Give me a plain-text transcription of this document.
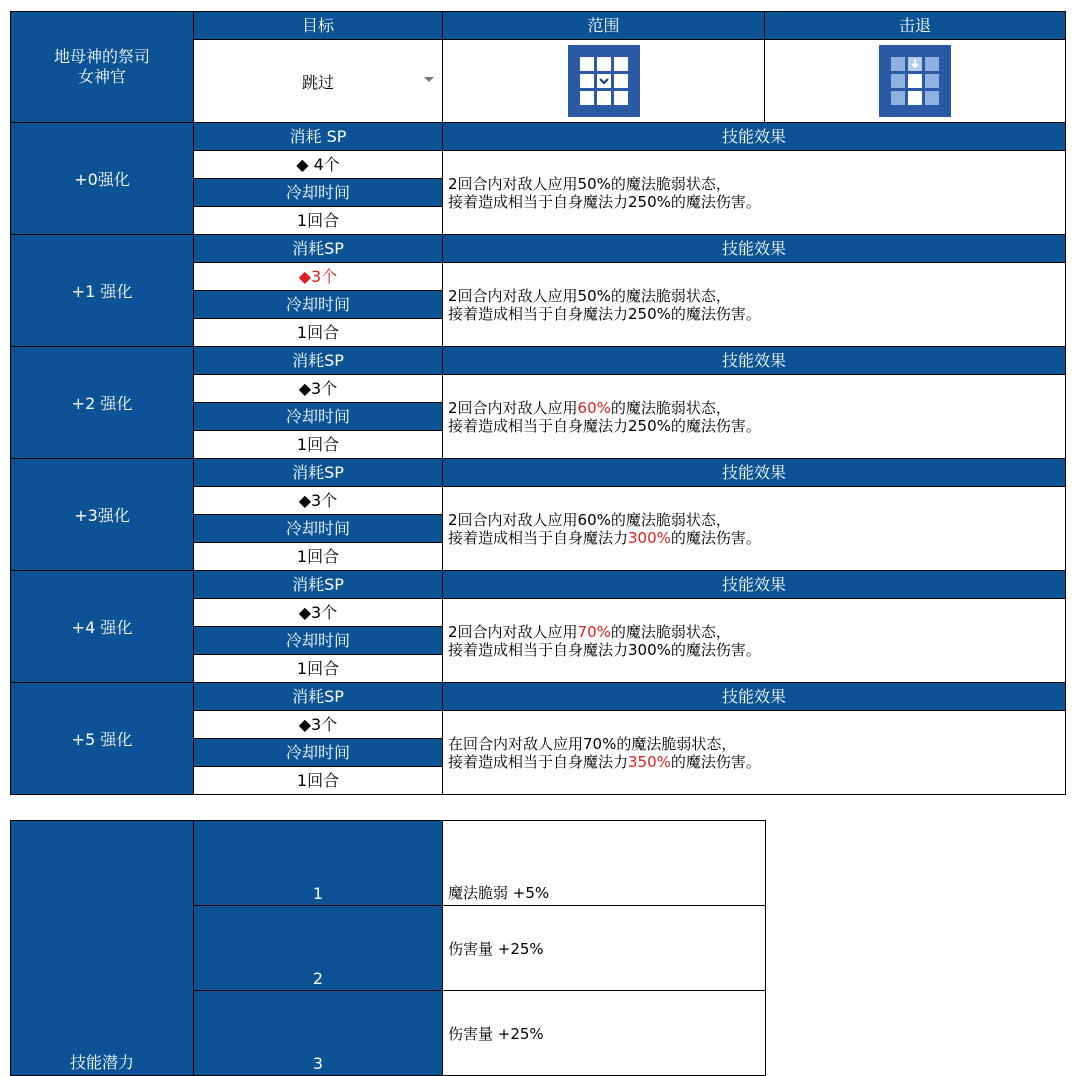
地母神的祭司
女神官	目标	范围	击退

	跳过

+0强化	消耗 SP	技能效果	
	◆ 4个	2回合内对敌人应用50%的魔法脆弱状态，
接着造成相当于自身魔法力250%的魔法伤害。	

	冷却时间		
	1回合		
+1 强化	消耗SP	技能效果	
	◆3个	2回合内对敌人应用50%的魔法脆弱状态，
接着造成相当于自身魔法力250%的魔法伤害。	

	冷却时间		
	1回合		
+2 强化	消耗SP	技能效果	
	◆3个	2回合内对敌人应用60%的魔法脆弱状态，
接着造成相当于自身魔法力250%的魔法伤害。	

	冷却时间		
	1回合		
+3强化	消耗SP	技能效果	
	◆3个	2回合内对敌人应用60%的魔法脆弱状态，
接着造成相当于自身魔法力300%的魔法伤害。	

	冷却时间		
	1回合		
+4 强化	消耗SP	技能效果	
	◆3个	2回合内对敌人应用70%的魔法脆弱状态，
接着造成相当于自身魔法力300%的魔法伤害。	

	冷却时间		
	1回合		
+5 强化	消耗SP	技能效果	
	◆3个	在回合内对敌人应用70%的魔法脆弱状态，
接着造成相当于自身魔法力350%的魔法伤害。	

	冷却时间		
	1回合		
技能潜力	1	魔法脆弱 +5%
	2	伤害量 +25%
	3	伤害量 +25%
